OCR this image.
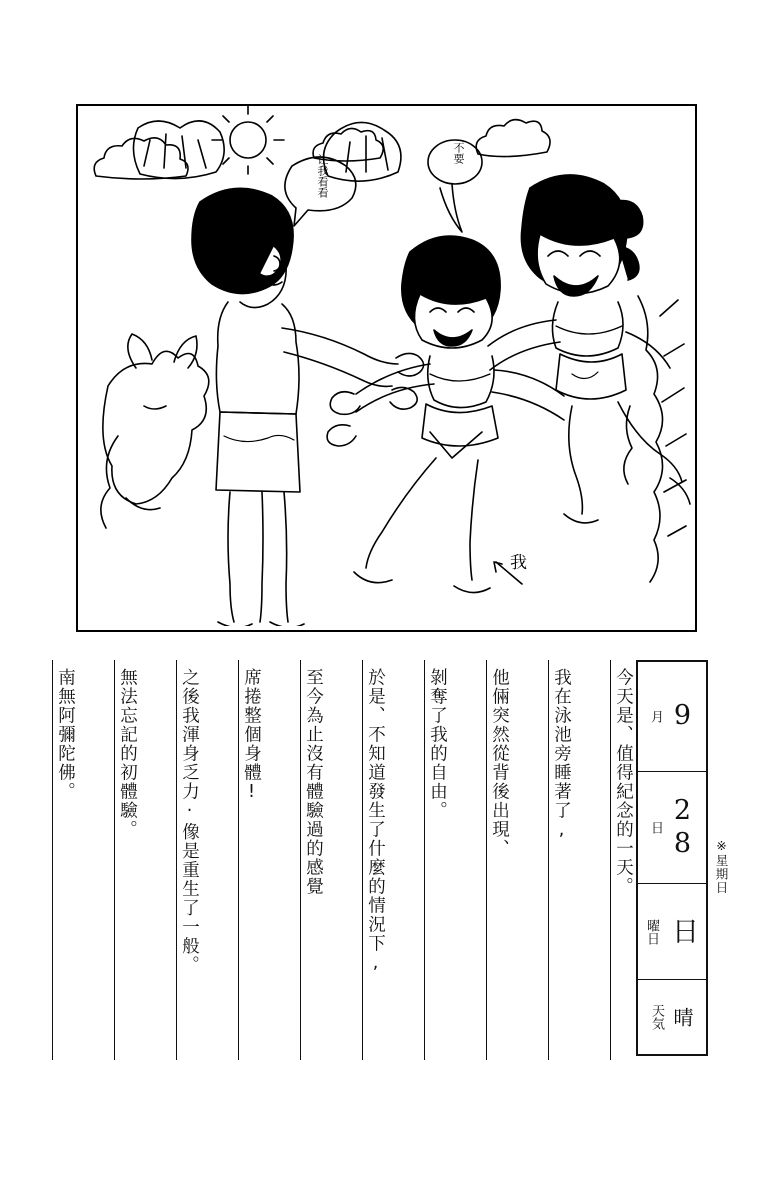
让我看看
不要
我
今天是、值得紀念的一天。
我在泳池旁睡著了,
他倆突然從背後出現、
剝奪了我的自由。
於是、不知道發生了什麼的情況下,
至今為止沒有體驗過的感覺
席捲整個身體!
之後我渾身乏力·像是重生了一般。
無法忘記的初體驗。
南無阿彌陀佛。	9
月
28
日
日
曜日
晴
天気
※星期日
